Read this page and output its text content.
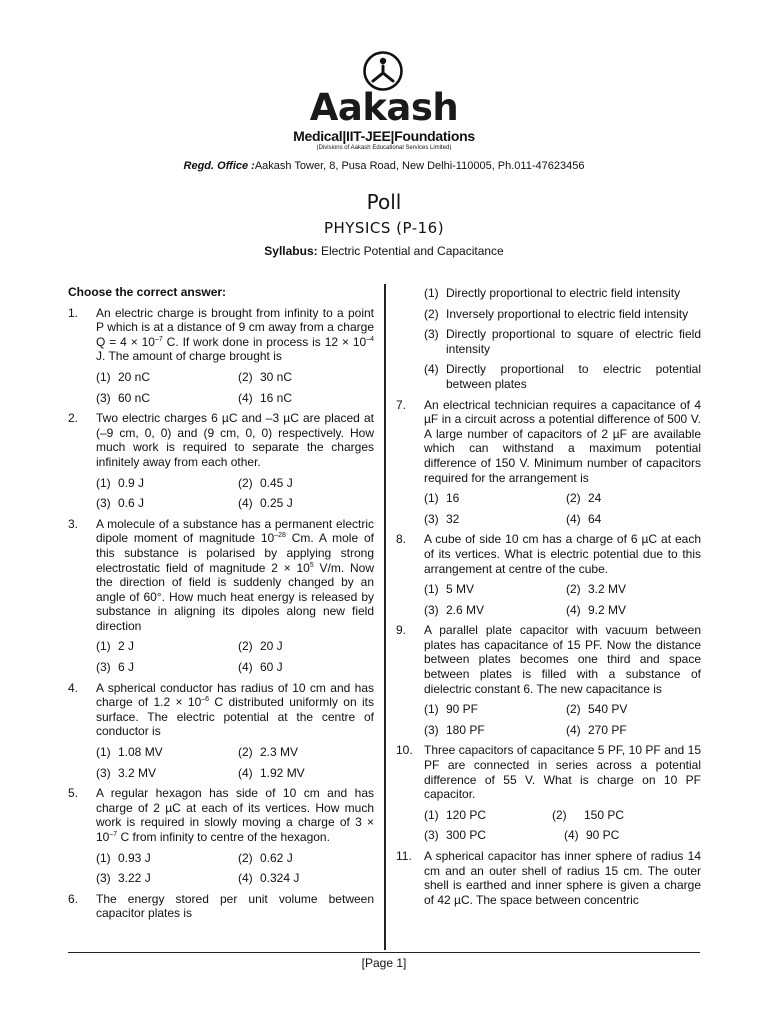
Aakash
Medical|IIT-JEE|Foundations
(Divisions of Aakash Educational Services Limited)
Regd. Office :Aakash Tower, 8, Pusa Road, New Delhi-110005, Ph.011-47623456
Poll
PHYSICS (P-16)
Syllabus: Electric Potential and Capacitance
Choose the correct answer:
1.	An electric charge is brought from infinity to a point P which is at a distance of 9 cm away from a charge $Q = 4 \times 10^{-7}$ C. If work done in process is $12 \times 10^{-4}$ J. The amount of charge brought is
(1) 20 nC	(2) 30 nC
(3) 60 nC	(4) 16 nC
2.	Two electric charges 6 µC and –3 µC are placed at (–9 cm, 0, 0) and (9 cm, 0, 0) respectively. How much work is required to separate the charges infinitely away from each other.
(1) 0.9 J	(2) 0.45 J
(3) 0.6 J	(4) 0.25 J
3.	A molecule of a substance has a permanent electric dipole moment of magnitude $10^{-28}$ Cm. A mole of this substance is polarised by applying strong electrostatic field of magnitude $2 \times 10^5$ V/m. Now the direction of field is suddenly changed by an angle of 60°. How much heat energy is released by substance in aligning its dipoles along new field direction
(1) 2 J	(2) 20 J
(3) 6 J	(4) 60 J
4.	A spherical conductor has radius of 10 cm and has charge of $1.2 \times 10^{-6}$ C distributed uniformly on its surface. The electric potential at the centre of conductor is
(1) 1.08 MV	(2) 2.3 MV
(3) 3.2 MV	(4) 1.92 MV
5.	A regular hexagon has side of 10 cm and has charge of 2 µC at each of its vertices. How much work is required in slowly moving a charge of $3 \times 10^{-7}$ C from infinity to centre of the hexagon.
(1) 0.93 J	(2) 0.62 J
(3) 3.22 J	(4) 0.324 J
6.	The energy stored per unit volume between capacitor plates is
(1) Directly proportional to electric field intensity
(2) Inversely proportional to electric field intensity
(3) Directly proportional to square of electric field intensity
(4) Directly proportional to electric potential between plates
7.	An electrical technician requires a capacitance of 4 µF in a circuit across a potential difference of 500 V. A large number of capacitors of 2 µF are available which can withstand a maximum potential difference of 150 V. Minimum number of capacitors required for the arrangement is
(1) 16	(2) 24
(3) 32	(4) 64
8.	A cube of side 10 cm has a charge of 6 µC at each of its vertices. What is electric potential due to this arrangement at centre of the cube.
(1) 5 MV	(2) 3.2 MV
(3) 2.6 MV	(4) 9.2 MV
9.	A parallel plate capacitor with vacuum between plates has capacitance of 15 PF. Now the distance between plates becomes one third and space between plates is filled with a substance of dielectric constant 6. The new capacitance is
(1) 90 PF	(2) 540 PV
(3) 180 PF	(4) 270 PF
10. Three capacitors of capacitance 5 PF, 10 PF and 15 PF are connected in series across a potential difference of 55 V. What is charge on 10 PF capacitor.
(1) 120 PC	(2)	150 PC
(3) 300 PC	(4) 90 PC
11.	A spherical capacitor has inner sphere of radius 14 cm and an outer shell of radius 15 cm. The outer shell is earthed and inner sphere is given a charge of 42 µC. The space between concentric
[Page 1]
